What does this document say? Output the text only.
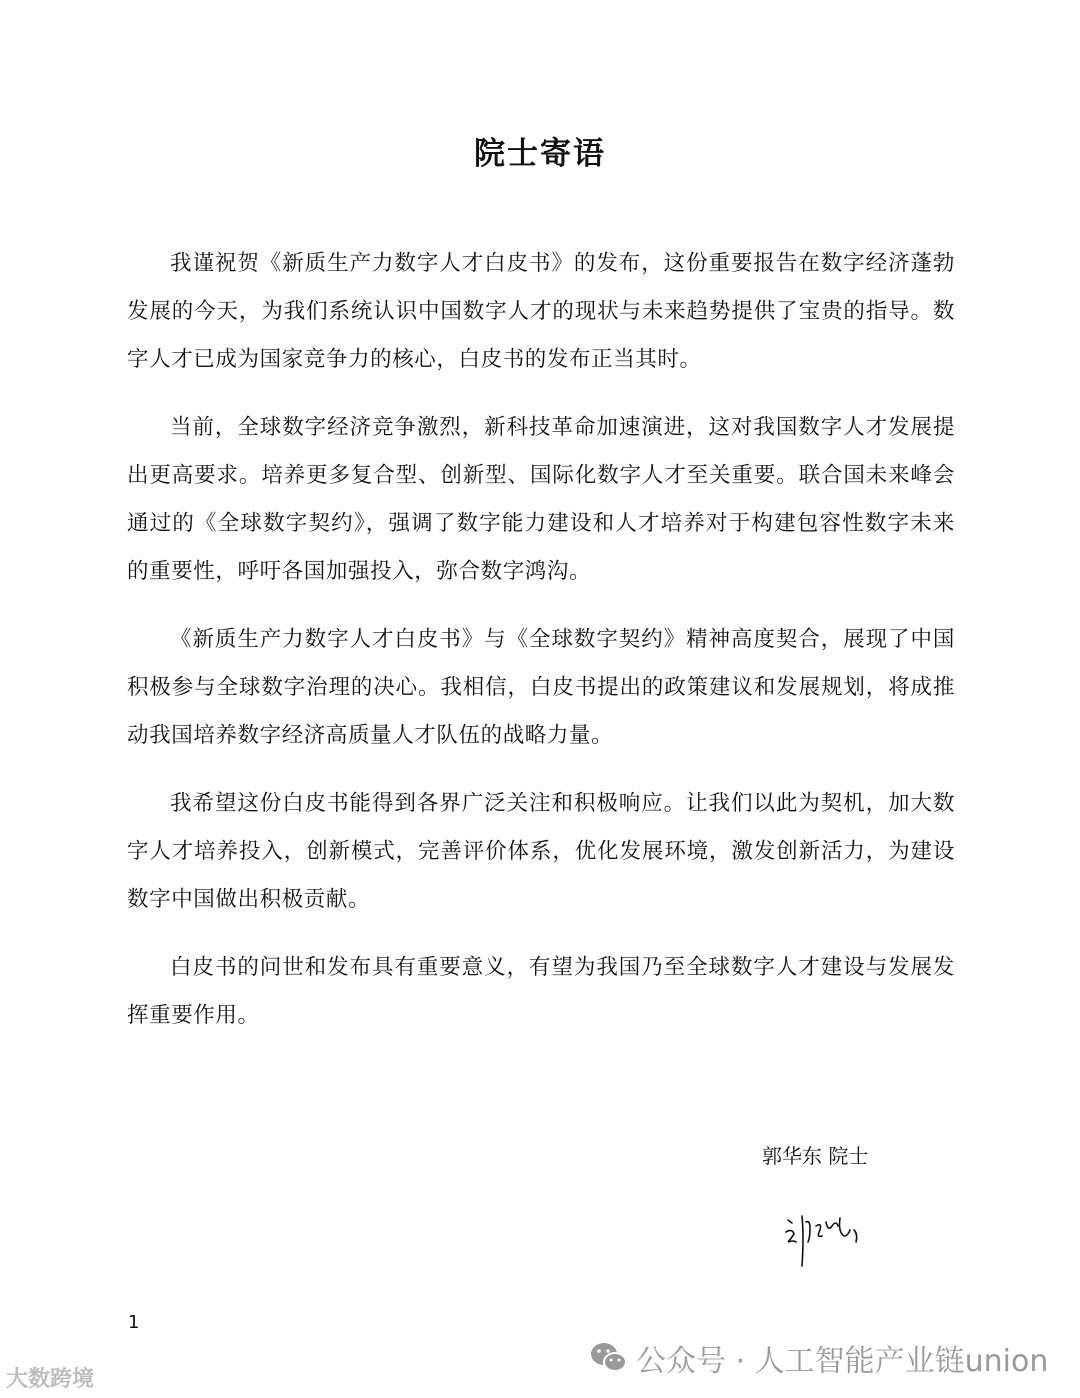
院士寄语

我谨祝贺《新质生产力数字人才白皮书》的发布，这份重要报告在数字经济蓬勃发展的今天，为我们系统认识中国数字人才的现状与未来趋势提供了宝贵的指导。数字人才已成为国家竞争力的核心，白皮书的发布正当其时。

当前，全球数字经济竞争激烈，新科技革命加速演进，这对我国数字人才发展提出更高要求。培养更多复合型、创新型、国际化数字人才至关重要。联合国未来峰会通过的《全球数字契约》，强调了数字能力建设和人才培养对于构建包容性数字未来的重要性，呼吁各国加强投入，弥合数字鸿沟。

《新质生产力数字人才白皮书》与《全球数字契约》精神高度契合，展现了中国积极参与全球数字治理的决心。我相信，白皮书提出的政策建议和发展规划，将成推动我国培养数字经济高质量人才队伍的战略力量。

我希望这份白皮书能得到各界广泛关注和积极响应。让我们以此为契机，加大数字人才培养投入，创新模式，完善评价体系，优化发展环境，激发创新活力，为建设数字中国做出积极贡献。

白皮书的问世和发布具有重要意义，有望为我国乃至全球数字人才建设与发展发挥重要作用。

郭华东 院士
1
公众号 · 人工智能产业链union
大数跨境
